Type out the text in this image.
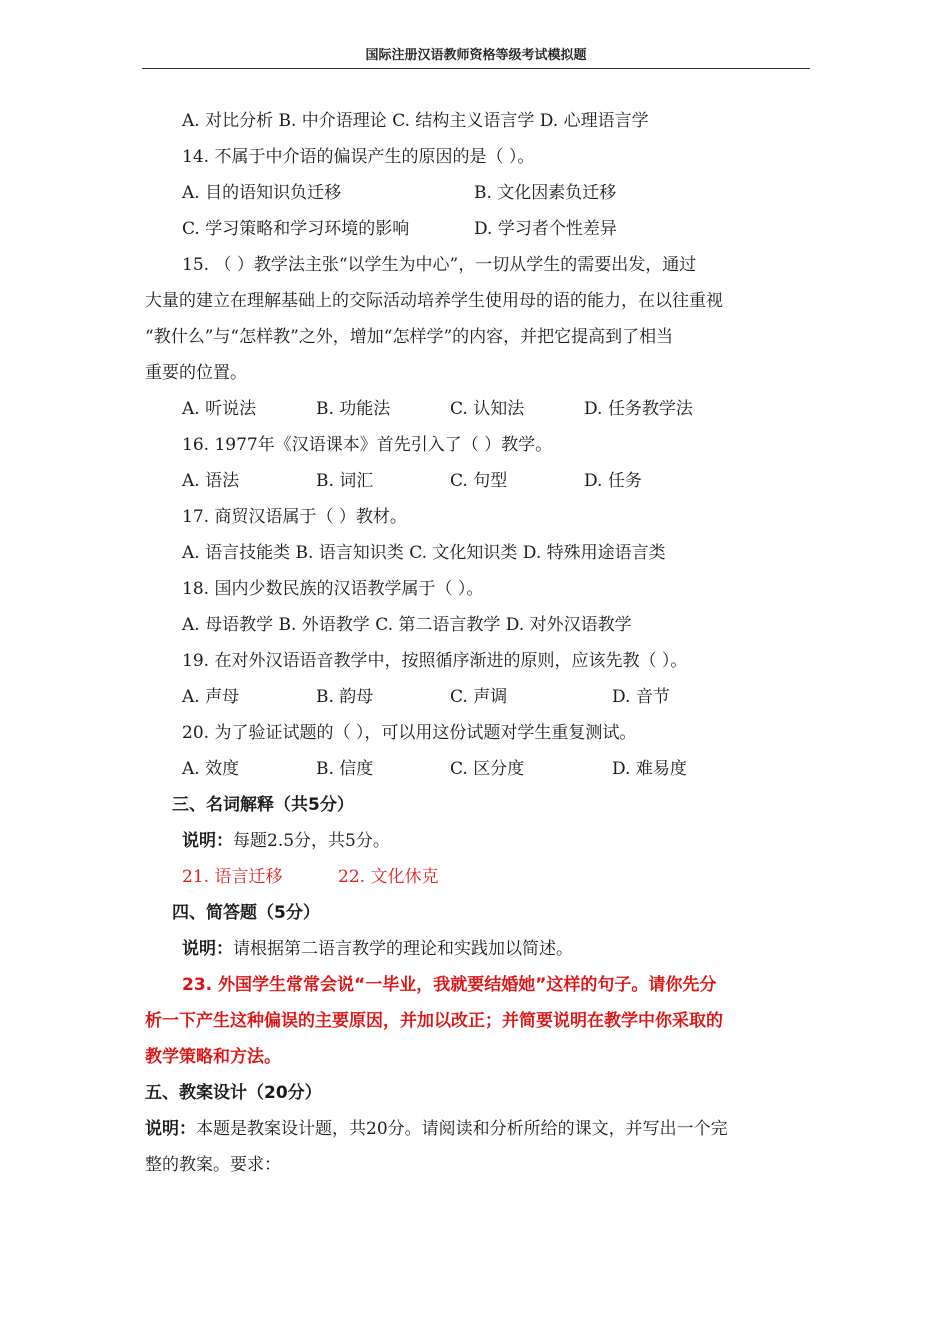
国际注册汉语教师资格等级考试模拟题
A. 对比分析 B. 中介语理论 C. 结构主义语言学 D. 心理语言学
14. 不属于中介语的偏误产生的原因的是（ ）。
A. 目的语知识负迁移	B. 文化因素负迁移
C. 学习策略和学习环境的影响	D. 学习者个性差异
15. （ ）教学法主张“以学生为中心”，一切从学生的需要出发，通过
大量的建立在理解基础上的交际活动培养学生使用母的语的能力，在以往重视
“教什么”与“怎样教”之外，增加“怎样学”的内容，并把它提高到了相当
重要的位置。
A. 听说法	B. 功能法	C. 认知法	D. 任务教学法
16. 1977年《汉语课本》首先引入了（ ）教学。
A. 语法	B. 词汇	C. 句型	D. 任务
17. 商贸汉语属于（ ）教材。
A. 语言技能类 B. 语言知识类 C. 文化知识类 D. 特殊用途语言类
18. 国内少数民族的汉语教学属于（ ）。
A. 母语教学 B. 外语教学 C. 第二语言教学 D. 对外汉语教学
19. 在对外汉语语音教学中，按照循序渐进的原则，应该先教（ ）。
A. 声母	B. 韵母	C. 声调	D. 音节
20. 为了验证试题的（ ），可以用这份试题对学生重复测试。
A. 效度	B. 信度	C. 区分度	D. 难易度
三、名词解释（共5分）
说明：每题2.5分，共5分。
21. 语言迁移	22. 文化休克
四、简答题（5分）
说明：请根据第二语言教学的理论和实践加以简述。
23. 外国学生常常会说“一毕业，我就要结婚她”这样的句子。请你先分
析一下产生这种偏误的主要原因，并加以改正；并简要说明在教学中你采取的
教学策略和方法。
五、教案设计（20分）
说明：本题是教案设计题，共20分。请阅读和分析所给的课文，并写出一个完
整的教案。要求：
